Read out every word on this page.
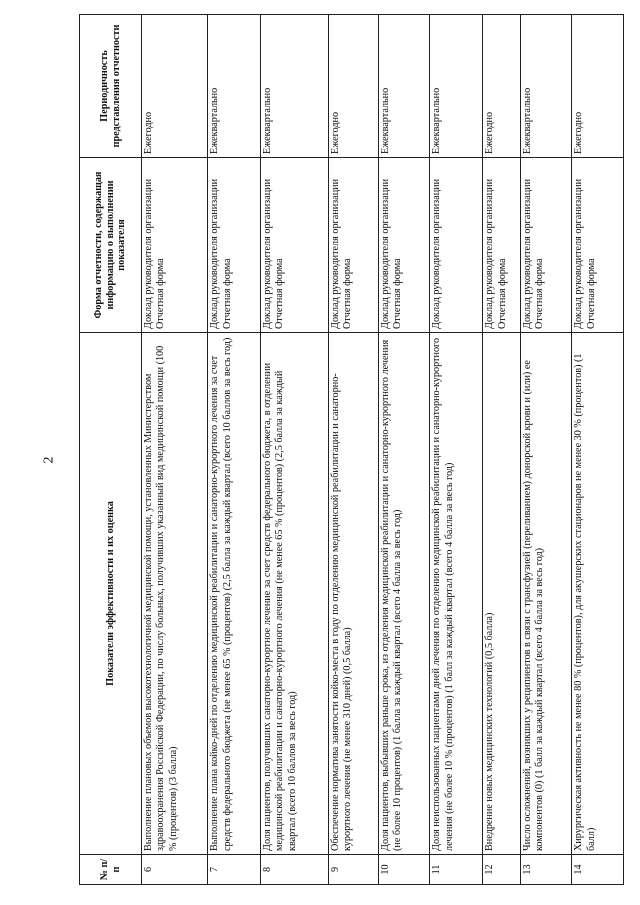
2
№ п/п	Показатели эффективности и их оценка	Форма отчетности, содержащая информацию о выполнении показателя	Периодичность представления отчетности
6	Выполнение плановых объемов высокотехнологичной медицинской помощи, установленных Министерством здравоохранения Российской Федерации, по числу больных, получивших указанный вид медицинской помощи (100 % (процентов) (3 балла)	Доклад руководителя организации Отчетная форма	Ежегодно
7	Выполнение плана койко-дней по отделению медицинской реабилитации и санаторно-курортного лечения за счет средств федерального бюджета (не менее 65 % (процентов) (2,5 балла за каждый квартал (всего 10 баллов за весь год)	Доклад руководителя организации Отчетная форма	Ежеквартально
8	Доля пациентов, получивших санаторно-курортное лечение за счет средств федерального бюджета, в отделении медицинской реабилитации и санаторно-курортного лечения (не менее 65 % (процентов) (2,5 балла за каждый квартал (всего 10 баллов за весь год)	Доклад руководителя организации Отчетная форма	Ежеквартально
9	Обеспечение норматива занятости койко-места в году по отделению медицинской реабилитации и санаторно-курортного лечения (не менее 310 дней) (0,5 балла)	Доклад руководителя организации Отчетная форма	Ежегодно
10	Доля пациентов, выбывших раньше срока, из отделения медицинской реабилитации и санаторно-курортного лечения (не более 10 процентов) (1 балла за каждый квартал (всего 4 балла за весь год)	Доклад руководителя организации Отчетная форма	Ежеквартально
11	Доля неиспользованных пациентами дней лечения по отделению медицинской реабилитации и санаторно-курортного лечения (не более 10 % (процентов) (1 балл за каждый квартал (всего 4 балла за весь год)	Доклад руководителя организации	Ежеквартально
12	Внедрение новых медицинских технологий (0,5 балла)	Доклад руководителя организации Отчетная форма	Ежегодно
13	Число осложнений, возникших у реципиентов в связи с трансфузией (переливанием) донорской крови и (или) ее компонентов (0) (1 балл за каждый квартал (всего 4 балла за весь год)	Доклад руководителя организации Отчетная форма	Ежеквартально
14	Хирургическая активность не менее 80 % (процентов), для акушерских стационаров не менее 30 % (процентов) (1 балл)	Доклад руководителя организации Отчетная форма	Ежегодно
